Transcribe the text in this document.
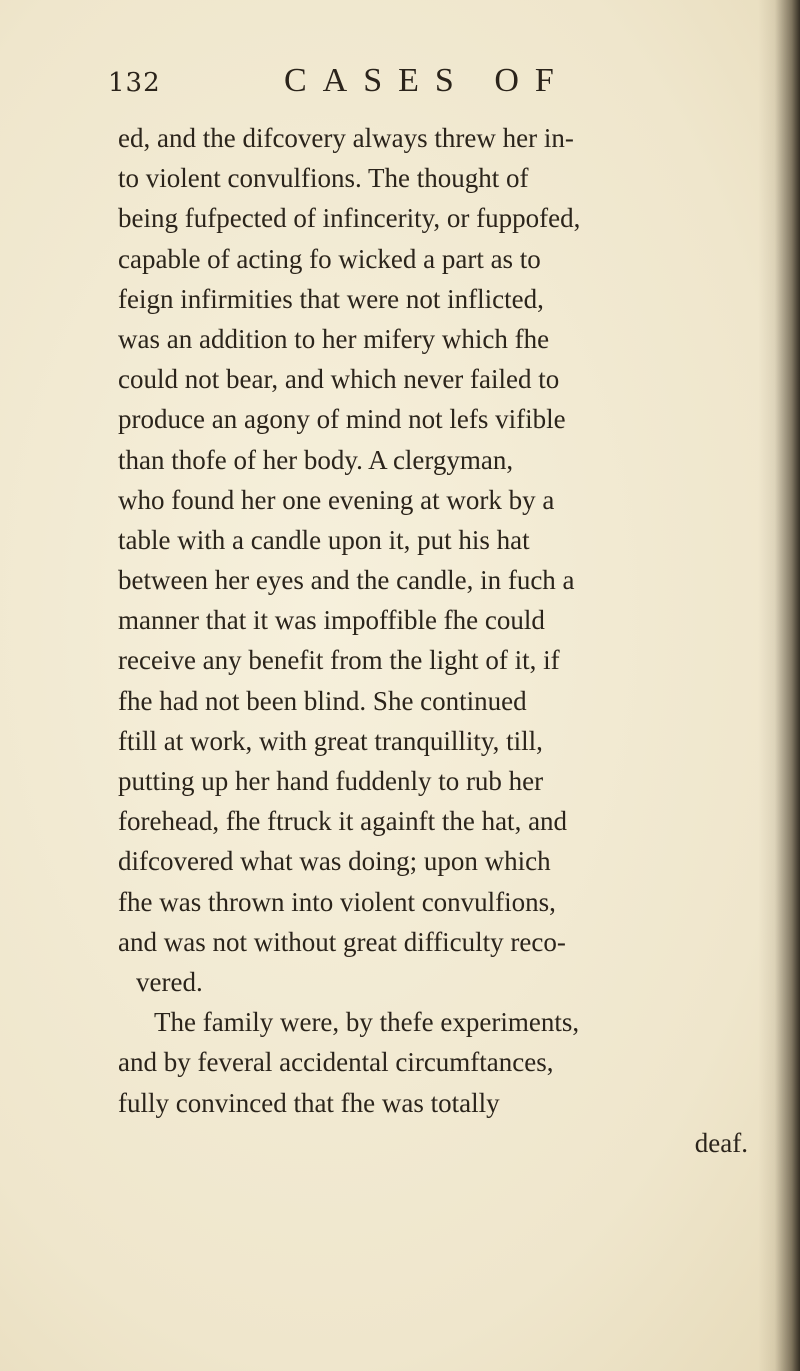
132	CASES OF
ed, and the difcovery always threw her in-
to violent convulfions. The thought of
being fufpected of infincerity, or fuppofed,
capable of acting fo wicked a part as to
feign infirmities that were not inflicted,
was an addition to her mifery which fhe
could not bear, and which never failed to
produce an agony of mind not lefs vifible
than thofe of her body. A clergyman,
who found her one evening at work by a
table with a candle upon it, put his hat
between her eyes and the candle, in fuch a
manner that it was impoffible fhe could
receive any benefit from the light of it, if
fhe had not been blind. She continued
ftill at work, with great tranquillity, till,
putting up her hand fuddenly to rub her
forehead, fhe ftruck it againft the hat, and
difcovered what was doing; upon which
fhe was thrown into violent convulfions,
and was not without great difficulty reco-
vered.
The family were, by thefe experiments,
and by feveral accidental circumftances,
fully convinced that fhe was totally
deaf.
